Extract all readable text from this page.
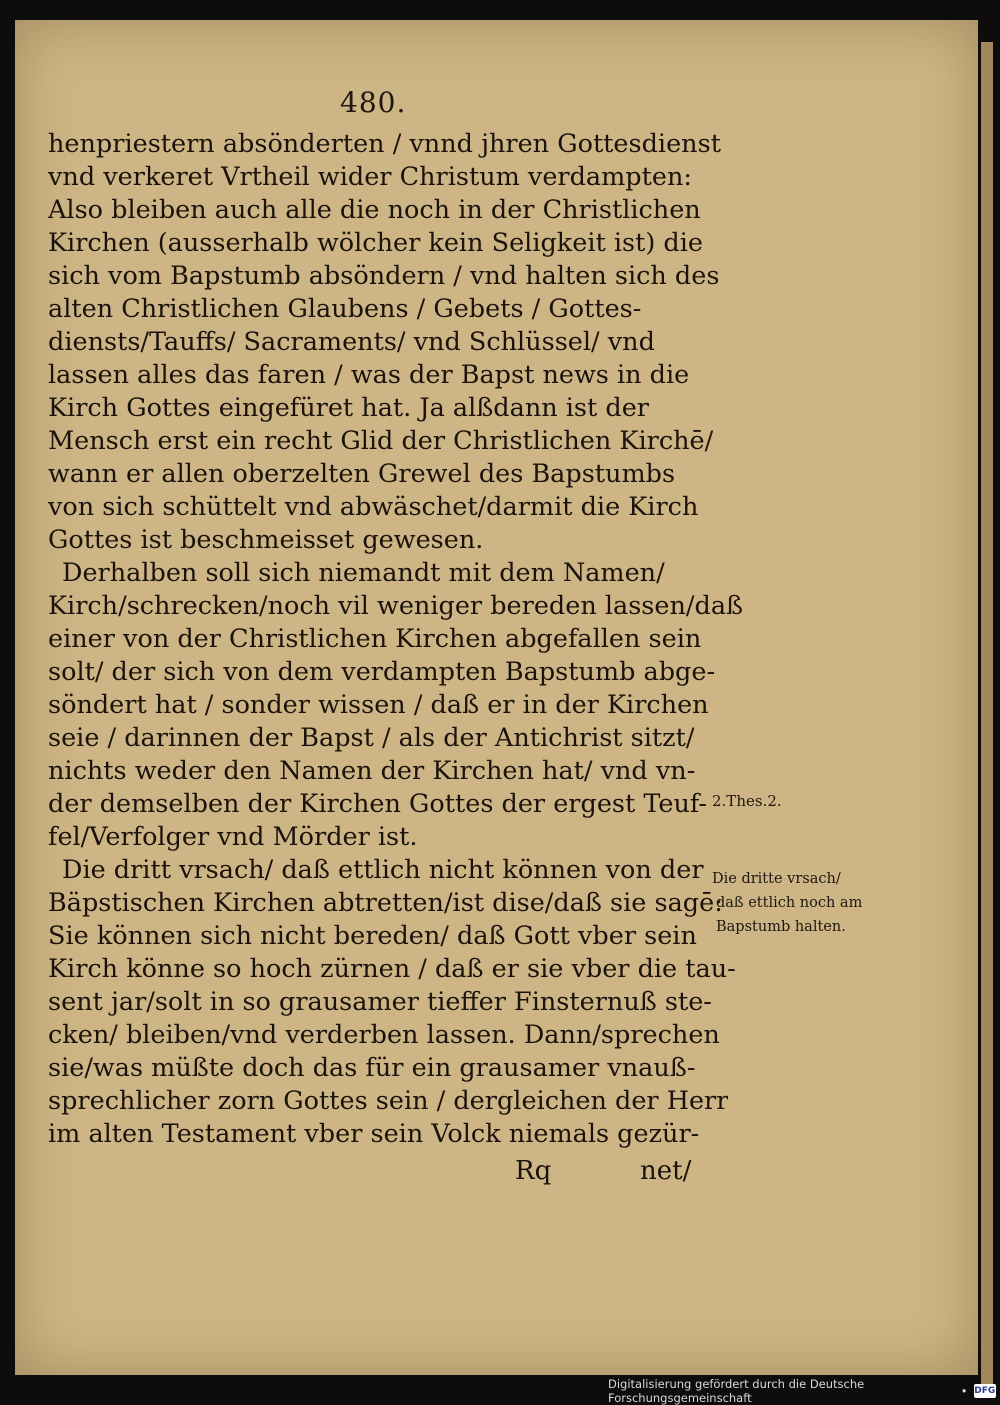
480.
henpriestern absönderten / vnnd jhren Gottesdienst
vnd verkeret Vrtheil wider Christum verdampten:
Also bleiben auch alle die noch in der Christlichen
Kirchen (ausserhalb wölcher kein Seligkeit ist) die
sich vom Bapstumb absöndern / vnd halten sich des
alten Christlichen Glaubens / Gebets / Gottes-
diensts/Tauffs/ Sacraments/ vnd Schlüssel/ vnd
lassen alles das faren / was der Bapst news in die
Kirch Gottes eingefüret hat. Ja alßdann ist der
Mensch erst ein recht Glid der Christlichen Kirchē/
wann er allen oberzelten Grewel des Bapstumbs
von sich schüttelt vnd abwäschet/darmit die Kirch
Gottes ist beschmeisset gewesen.
Derhalben soll sich niemandt mit dem Namen/
Kirch/schrecken/noch vil weniger bereden lassen/daß
einer von der Christlichen Kirchen abgefallen sein
solt/ der sich von dem verdampten Bapstumb abge-
söndert hat / sonder wissen / daß er in der Kirchen
seie / darinnen der Bapst / als der Antichrist sitzt/
nichts weder den Namen der Kirchen hat/ vnd vn-
der demselben der Kirchen Gottes der ergest Teuf-
fel/Verfolger vnd Mörder ist.
Die dritt vrsach/ daß ettlich nicht können von der
Bäpstischen Kirchen abtretten/ist dise/daß sie sagē:
Sie können sich nicht bereden/ daß Gott vber sein
Kirch könne so hoch zürnen / daß er sie vber die tau-
sent jar/solt in so grausamer tieffer Finsternuß ste-
cken/ bleiben/vnd verderben lassen. Dann/sprechen
sie/was müßte doch das für ein grausamer vnauß-
sprechlicher zorn Gottes sein / dergleichen der Herr
im alten Testament vber sein Volck niemals gezür-
2.Thes.2.
Die dritte vrsach/
daß ettlich noch am
Bapstumb halten.
Rq	net/
Digitalisierung gefördert durch die Deutsche Forschungsgemeinschaft	• DFG
